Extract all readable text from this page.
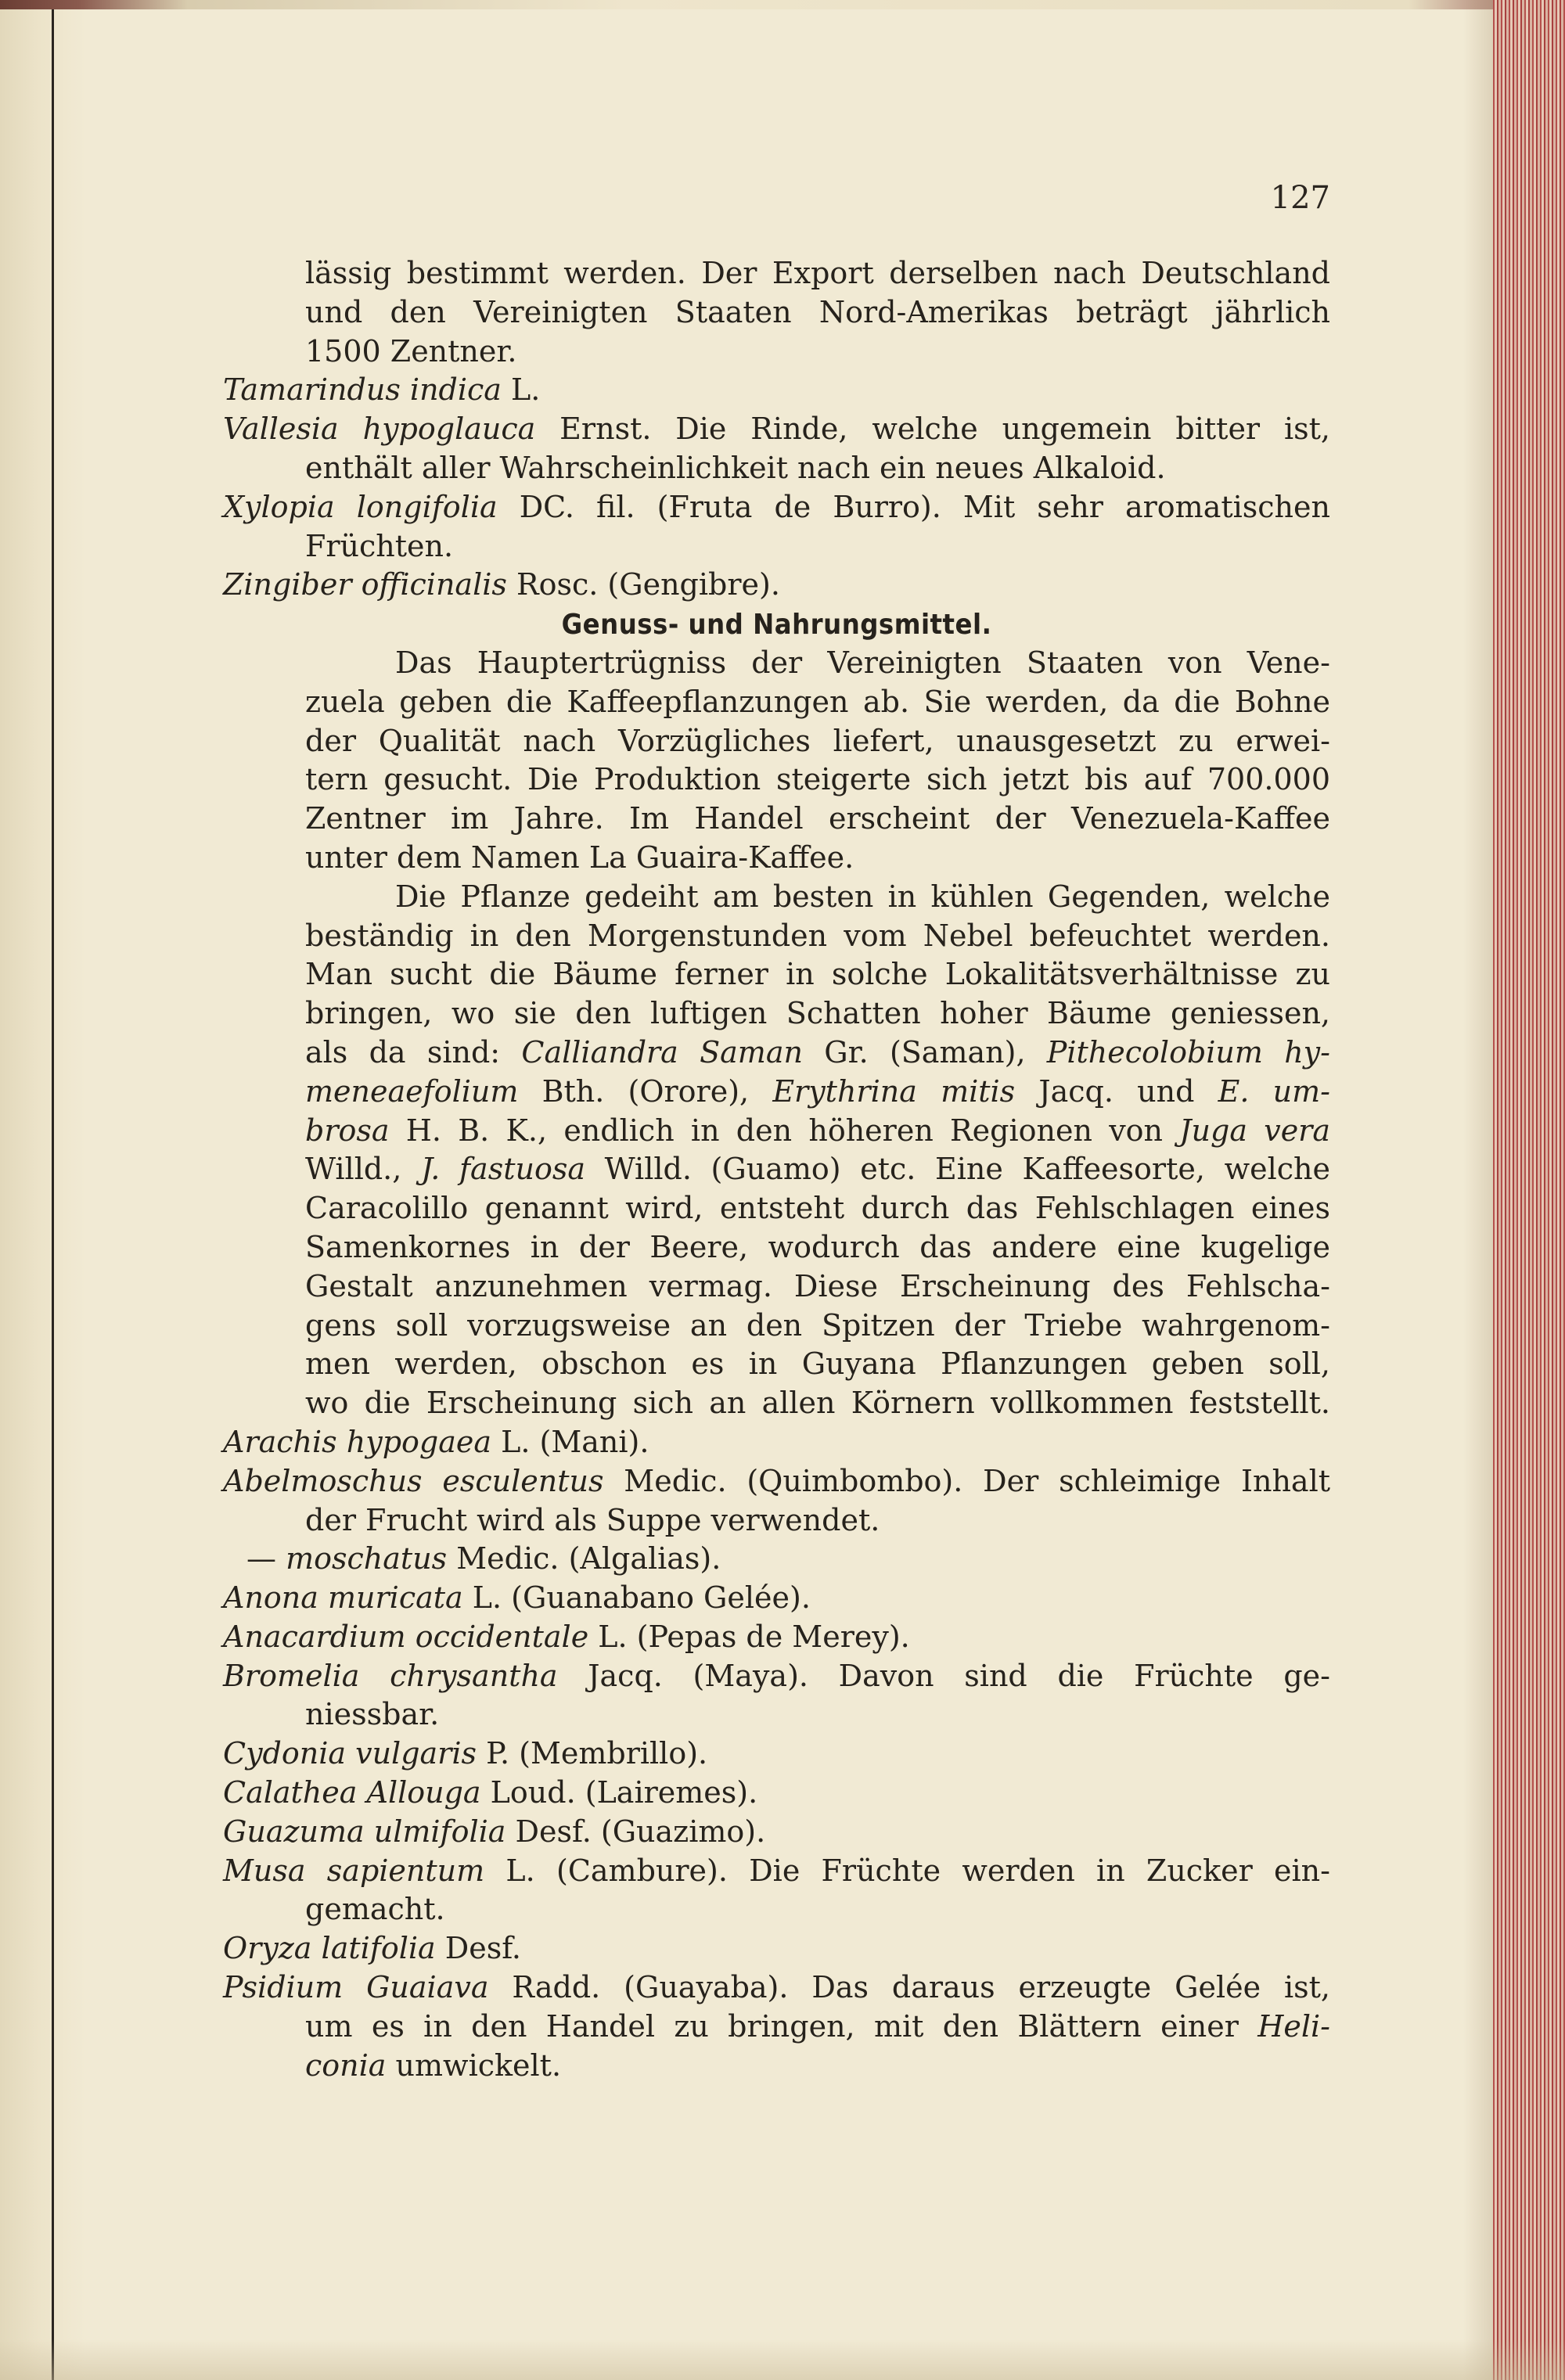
127
lässig bestimmt werden. Der Export derselben nach Deutschland
und den Vereinigten Staaten Nord-Amerikas beträgt jährlich
1500 Zentner.
Tamarindus indica L.
Vallesia hypoglauca Ernst. Die Rinde, welche ungemein bitter ist,
enthält aller Wahrscheinlichkeit nach ein neues Alkaloid.
Xylopia longifolia DC. fil. (Fruta de Burro). Mit sehr aromatischen
Früchten.
Zingiber officinalis Rosc. (Gengibre).
Genuss- und Nahrungsmittel.
Das Hauptertrügniss der Vereinigten Staaten von Vene-
zuela geben die Kaffeepflanzungen ab. Sie werden, da die Bohne
der Qualität nach Vorzügliches liefert, unausgesetzt zu erwei-
tern gesucht. Die Produktion steigerte sich jetzt bis auf 700.000
Zentner im Jahre. Im Handel erscheint der Venezuela-Kaffee
unter dem Namen La Guaira-Kaffee.
Die Pflanze gedeiht am besten in kühlen Gegenden, welche
beständig in den Morgenstunden vom Nebel befeuchtet werden.
Man sucht die Bäume ferner in solche Lokalitätsverhältnisse zu
bringen, wo sie den luftigen Schatten hoher Bäume geniessen,
als da sind: Calliandra Saman Gr. (Saman), Pithecolobium hy-
meneaefolium Bth. (Orore), Erythrina mitis Jacq. und E. um-
brosa H. B. K., endlich in den höheren Regionen von Juga vera
Willd., J. fastuosa Willd. (Guamo) etc. Eine Kaffeesorte, welche
Caracolillo genannt wird, entsteht durch das Fehlschlagen eines
Samenkornes in der Beere, wodurch das andere eine kugelige
Gestalt anzunehmen vermag. Diese Erscheinung des Fehlscha-
gens soll vorzugsweise an den Spitzen der Triebe wahrgenom-
men werden, obschon es in Guyana Pflanzungen geben soll,
wo die Erscheinung sich an allen Körnern vollkommen feststellt.
Arachis hypogaea L. (Mani).
Abelmoschus esculentus Medic. (Quimbombo). Der schleimige Inhalt
der Frucht wird als Suppe verwendet.
— moschatus Medic. (Algalias).
Anona muricata L. (Guanabano Gelée).
Anacardium occidentale L. (Pepas de Merey).
Bromelia chrysantha Jacq. (Maya). Davon sind die Früchte ge-
niessbar.
Cydonia vulgaris P. (Membrillo).
Calathea Allouga Loud. (Lairemes).
Guazuma ulmifolia Desf. (Guazimo).
Musa sapientum L. (Cambure). Die Früchte werden in Zucker ein-
gemacht.
Oryza latifolia Desf.
Psidium Guaiava Radd. (Guayaba). Das daraus erzeugte Gelée ist,
um es in den Handel zu bringen, mit den Blättern einer Heli-
conia umwickelt.
